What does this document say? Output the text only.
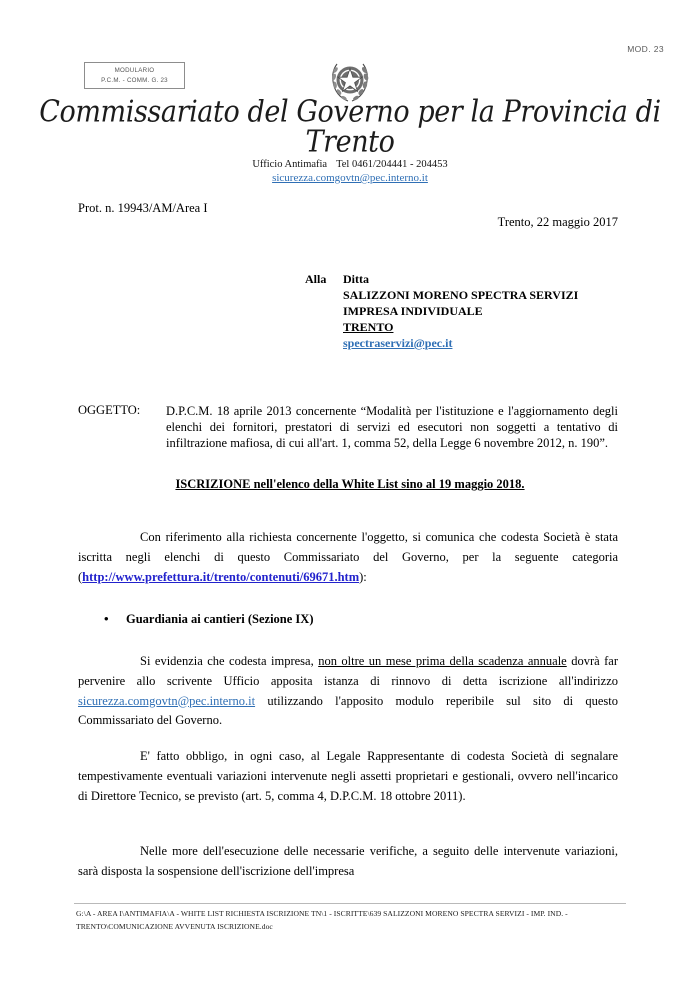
MOD. 23
MODULARIO
P.C.M. - COMM. G. 23
Commissariato del Governo per la Provincia di Trento
Ufficio Antimafia Tel 0461/204441 - 204453
sicurezza.comgovtn@pec.interno.it
Prot. n. 19943/AM/Area I
Trento, 22 maggio 2017
Alla	Ditta
SALIZZONI MORENO SPECTRA SERVIZI
IMPRESA INDIVIDUALE
TRENTO
spectraservizi@pec.it
OGGETTO:	D.P.C.M. 18 aprile 2013 concernente “Modalità per l'istituzione e l'aggiornamento degli elenchi dei fornitori, prestatori di servizi ed esecutori non soggetti a tentativo di infiltrazione mafiosa, di cui all'art. 1, comma 52, della Legge 6 novembre 2012, n. 190”.
ISCRIZIONE nell'elenco della White List sino al 19 maggio 2018.
Con riferimento alla richiesta concernente l'oggetto, si comunica che codesta Società è stata iscritta negli elenchi di questo Commissariato del Governo, per la seguente categoria (http://www.prefettura.it/trento/contenuti/69671.htm):
•	Guardiania ai cantieri (Sezione IX)
Si evidenzia che codesta impresa, non oltre un mese prima della scadenza annuale dovrà far pervenire allo scrivente Ufficio apposita istanza di rinnovo di detta iscrizione all'indirizzo sicurezza.comgovtn@pec.interno.it utilizzando l'apposito modulo reperibile sul sito di questo Commissariato del Governo.
E' fatto obbligo, in ogni caso, al Legale Rappresentante di codesta Società di segnalare tempestivamente eventuali variazioni intervenute negli assetti proprietari e gestionali, ovvero nell'incarico di Direttore Tecnico, se previsto (art. 5, comma 4, D.P.C.M. 18 ottobre 2011).
Nelle more dell'esecuzione delle necessarie verifiche, a seguito delle intervenute variazioni, sarà disposta la sospensione dell'iscrizione dell'impresa
G:\A - AREA I\ANTIMAFIA\A - WHITE LIST RICHIESTA ISCRIZIONE TN\1 - ISCRITTE\639 SALIZZONI MORENO SPECTRA SERVIZI - IMP. IND. - TRENTO\COMUNICAZIONE AVVENUTA ISCRIZIONE.doc
